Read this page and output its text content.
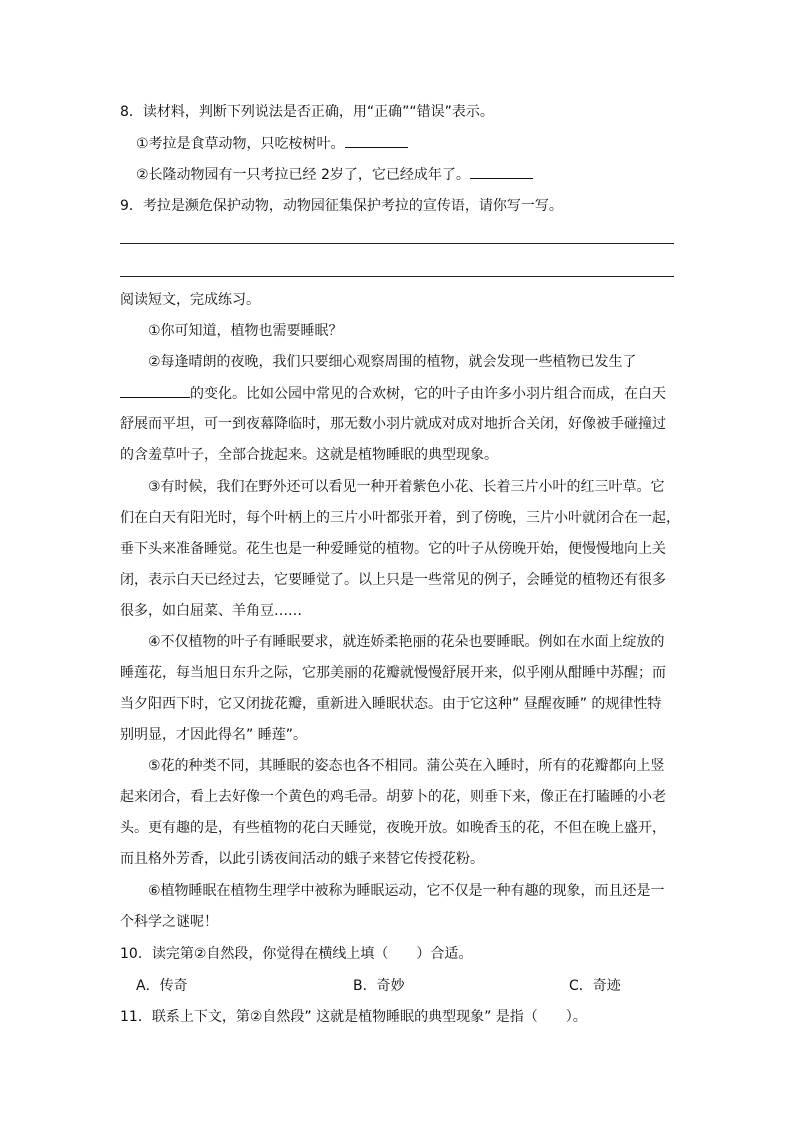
8．读材料，判断下列说法是否正确，用“正确”“错误”表示。
①考拉是食草动物，只吃桉树叶。
②长隆动物园有一只考拉已经 2岁了，它已经成年了。
9．考拉是濒危保护动物，动物园征集保护考拉的宣传语，请你写一写。
阅读短文，完成练习。
①你可知道，植物也需要睡眠？
②每逢晴朗的夜晚，我们只要细心观察周围的植物，就会发现一些植物已发生了
的变化。比如公园中常见的合欢树，它的叶子由许多小羽片组合而成，在白天
舒展而平坦，可一到夜幕降临时，那无数小羽片就成对成对地折合关闭，好像被手碰撞过
的含羞草叶子，全部合拢起来。这就是植物睡眠的典型现象。
③有时候，我们在野外还可以看见一种开着紫色小花、长着三片小叶的红三叶草。它
们在白天有阳光时，每个叶柄上的三片小叶都张开着，到了傍晚，三片小叶就闭合在一起，
垂下头来准备睡觉。花生也是一种爱睡觉的植物。它的叶子从傍晚开始，便慢慢地向上关
闭，表示白天已经过去，它要睡觉了。以上只是一些常见的例子，会睡觉的植物还有很多
很多，如白屈菜、羊角豆……
④不仅植物的叶子有睡眠要求，就连娇柔艳丽的花朵也要睡眠。例如在水面上绽放的
睡莲花，每当旭日东升之际，它那美丽的花瓣就慢慢舒展开来，似乎刚从酣睡中苏醒；而
当夕阳西下时，它又闭拢花瓣，重新进入睡眠状态。由于它这种” 昼醒夜睡” 的规律性特
别明显，才因此得名” 睡莲”。
⑤花的种类不同，其睡眠的姿态也各不相同。蒲公英在入睡时，所有的花瓣都向上竖
起来闭合，看上去好像一个黄色的鸡毛帚。胡萝卜的花，则垂下来，像正在打瞌睡的小老
头。更有趣的是，有些植物的花白天睡觉，夜晚开放。如晚香玉的花，不但在晚上盛开，
而且格外芳香，以此引诱夜间活动的蛾子来替它传授花粉。
⑥植物睡眠在植物生理学中被称为睡眠运动，它不仅是一种有趣的现象，而且还是一
个科学之谜呢！
10．读完第②自然段，你觉得在横线上填（　　）合适。
A．传奇	B．奇妙	C．奇迹
11．联系上下文，第②自然段” 这就是植物睡眠的典型现象” 是指（　　）。
